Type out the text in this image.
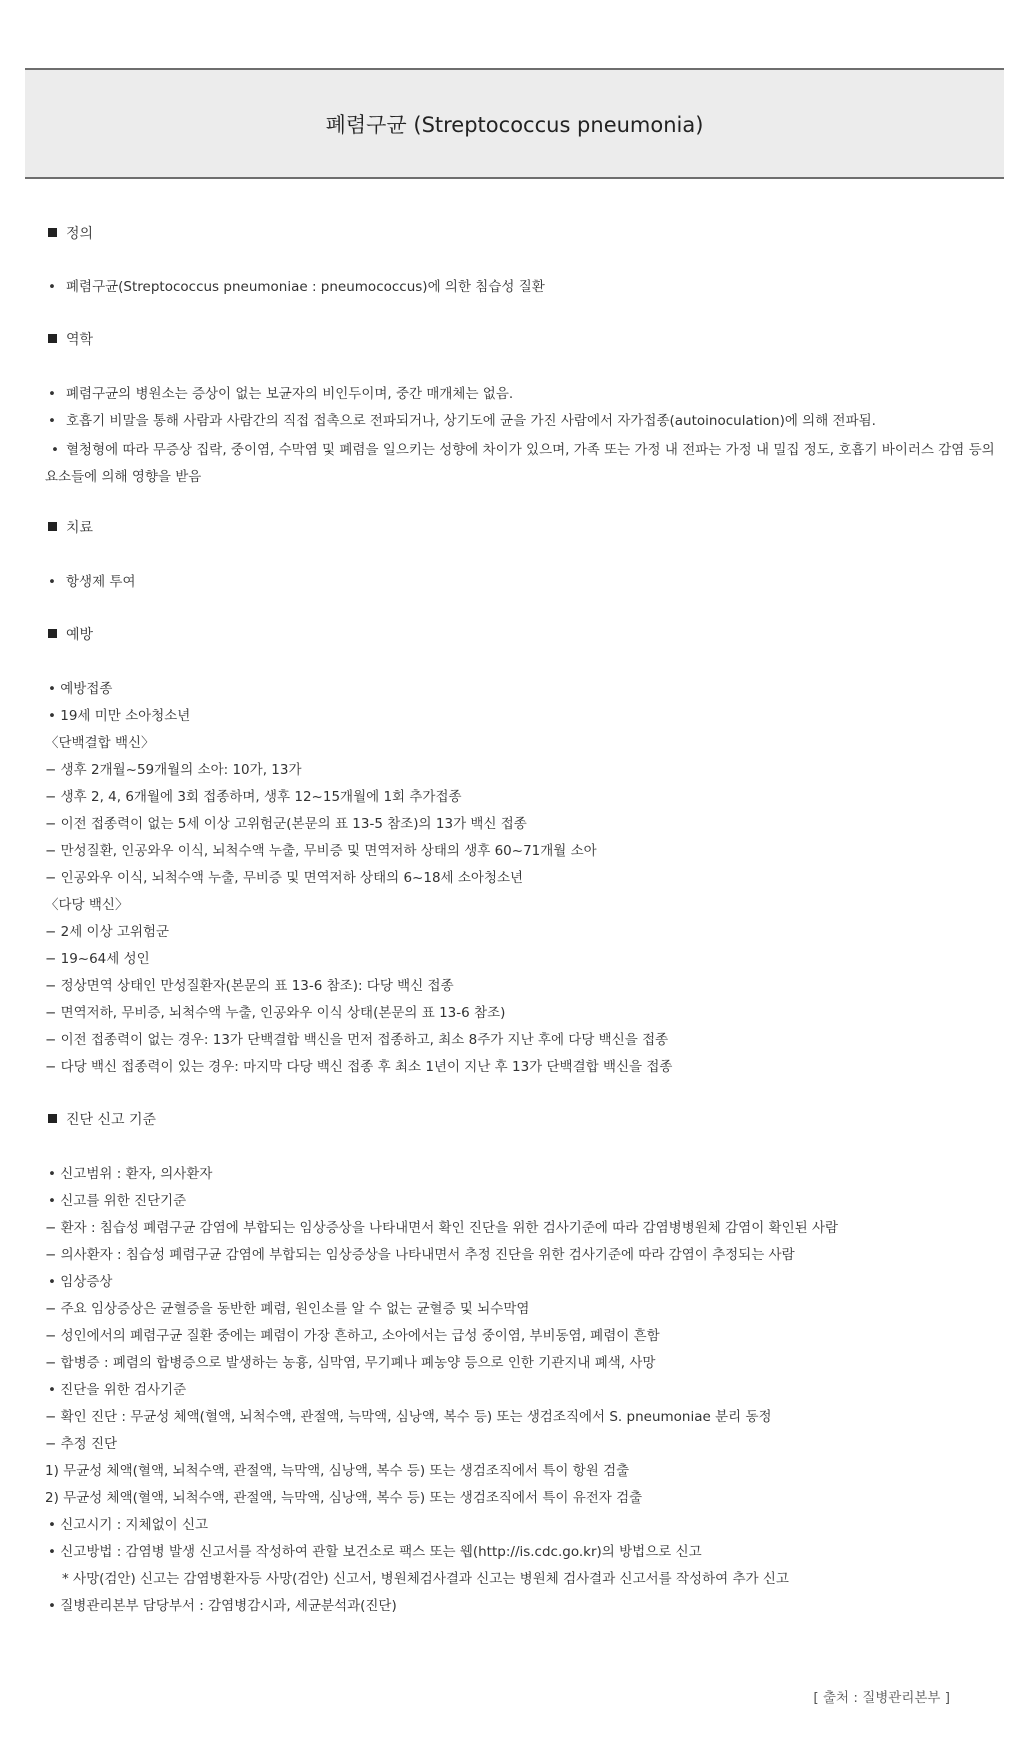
폐렴구균 (Streptococcus pneumonia)
정의
• 폐렴구균(Streptococcus pneumoniae : pneumococcus)에 의한 침습성 질환
역학
• 폐렴구균의 병원소는 증상이 없는 보균자의 비인두이며, 중간 매개체는 없음.
• 호흡기 비말을 통해 사람과 사람간의 직접 접촉으로 전파되거나, 상기도에 균을 가진 사람에서 자가접종(autoinoculation)에 의해 전파됨.
• 혈청형에 따라 무증상 집락, 중이염, 수막염 및 폐렴을 일으키는 성향에 차이가 있으며, 가족 또는 가정 내 전파는 가정 내 밀집 정도, 호흡기 바이러스 감염 등의 요소들에 의해 영향을 받음
치료
• 항생제 투여
예방
• 예방접종
• 19세 미만 소아청소년
〈단백결합 백신〉
− 생후 2개월~59개월의 소아: 10가, 13가
− 생후 2, 4, 6개월에 3회 접종하며, 생후 12~15개월에 1회 추가접종
− 이전 접종력이 없는 5세 이상 고위험군(본문의 표 13-5 참조)의 13가 백신 접종
− 만성질환, 인공와우 이식, 뇌척수액 누출, 무비증 및 면역저하 상태의 생후 60~71개월 소아
− 인공와우 이식, 뇌척수액 누출, 무비증 및 면역저하 상태의 6~18세 소아청소년
〈다당 백신〉
− 2세 이상 고위험군
− 19~64세 성인
− 정상면역 상태인 만성질환자(본문의 표 13-6 참조): 다당 백신 접종
− 면역저하, 무비증, 뇌척수액 누출, 인공와우 이식 상태(본문의 표 13-6 참조)
− 이전 접종력이 없는 경우: 13가 단백결합 백신을 먼저 접종하고, 최소 8주가 지난 후에 다당 백신을 접종
− 다당 백신 접종력이 있는 경우: 마지막 다당 백신 접종 후 최소 1년이 지난 후 13가 단백결합 백신을 접종
진단 신고 기준
• 신고범위 : 환자, 의사환자
• 신고를 위한 진단기준
− 환자 : 침습성 폐렴구균 감염에 부합되는 임상증상을 나타내면서 확인 진단을 위한 검사기준에 따라 감염병병원체 감염이 확인된 사람
− 의사환자 : 침습성 폐렴구균 감염에 부합되는 임상증상을 나타내면서 추정 진단을 위한 검사기준에 따라 감염이 추정되는 사람
• 임상증상
− 주요 임상증상은 균혈증을 동반한 폐렴, 원인소를 알 수 없는 균혈증 및 뇌수막염
− 성인에서의 폐렴구균 질환 중에는 폐렴이 가장 흔하고, 소아에서는 급성 중이염, 부비동염, 폐렴이 흔함
− 합병증 : 폐렴의 합병증으로 발생하는 농흉, 심막염, 무기폐나 폐농양 등으로 인한 기관지내 폐색, 사망
• 진단을 위한 검사기준
− 확인 진단 : 무균성 체액(혈액, 뇌척수액, 관절액, 늑막액, 심낭액, 복수 등) 또는 생검조직에서 S. pneumoniae 분리 동정
− 추정 진단
1) 무균성 체액(혈액, 뇌척수액, 관절액, 늑막액, 심낭액, 복수 등) 또는 생검조직에서 특이 항원 검출
2) 무균성 체액(혈액, 뇌척수액, 관절액, 늑막액, 심낭액, 복수 등) 또는 생검조직에서 특이 유전자 검출
• 신고시기 : 지체없이 신고
• 신고방법 : 감염병 발생 신고서를 작성하여 관할 보건소로 팩스 또는 웹(http://is.cdc.go.kr)의 방법으로 신고
* 사망(검안) 신고는 감염병환자등 사망(검안) 신고서, 병원체검사결과 신고는 병원체 검사결과 신고서를 작성하여 추가 신고
• 질병관리본부 담당부서 : 감염병감시과, 세균분석과(진단)
[ 출처 : 질병관리본부 ]
